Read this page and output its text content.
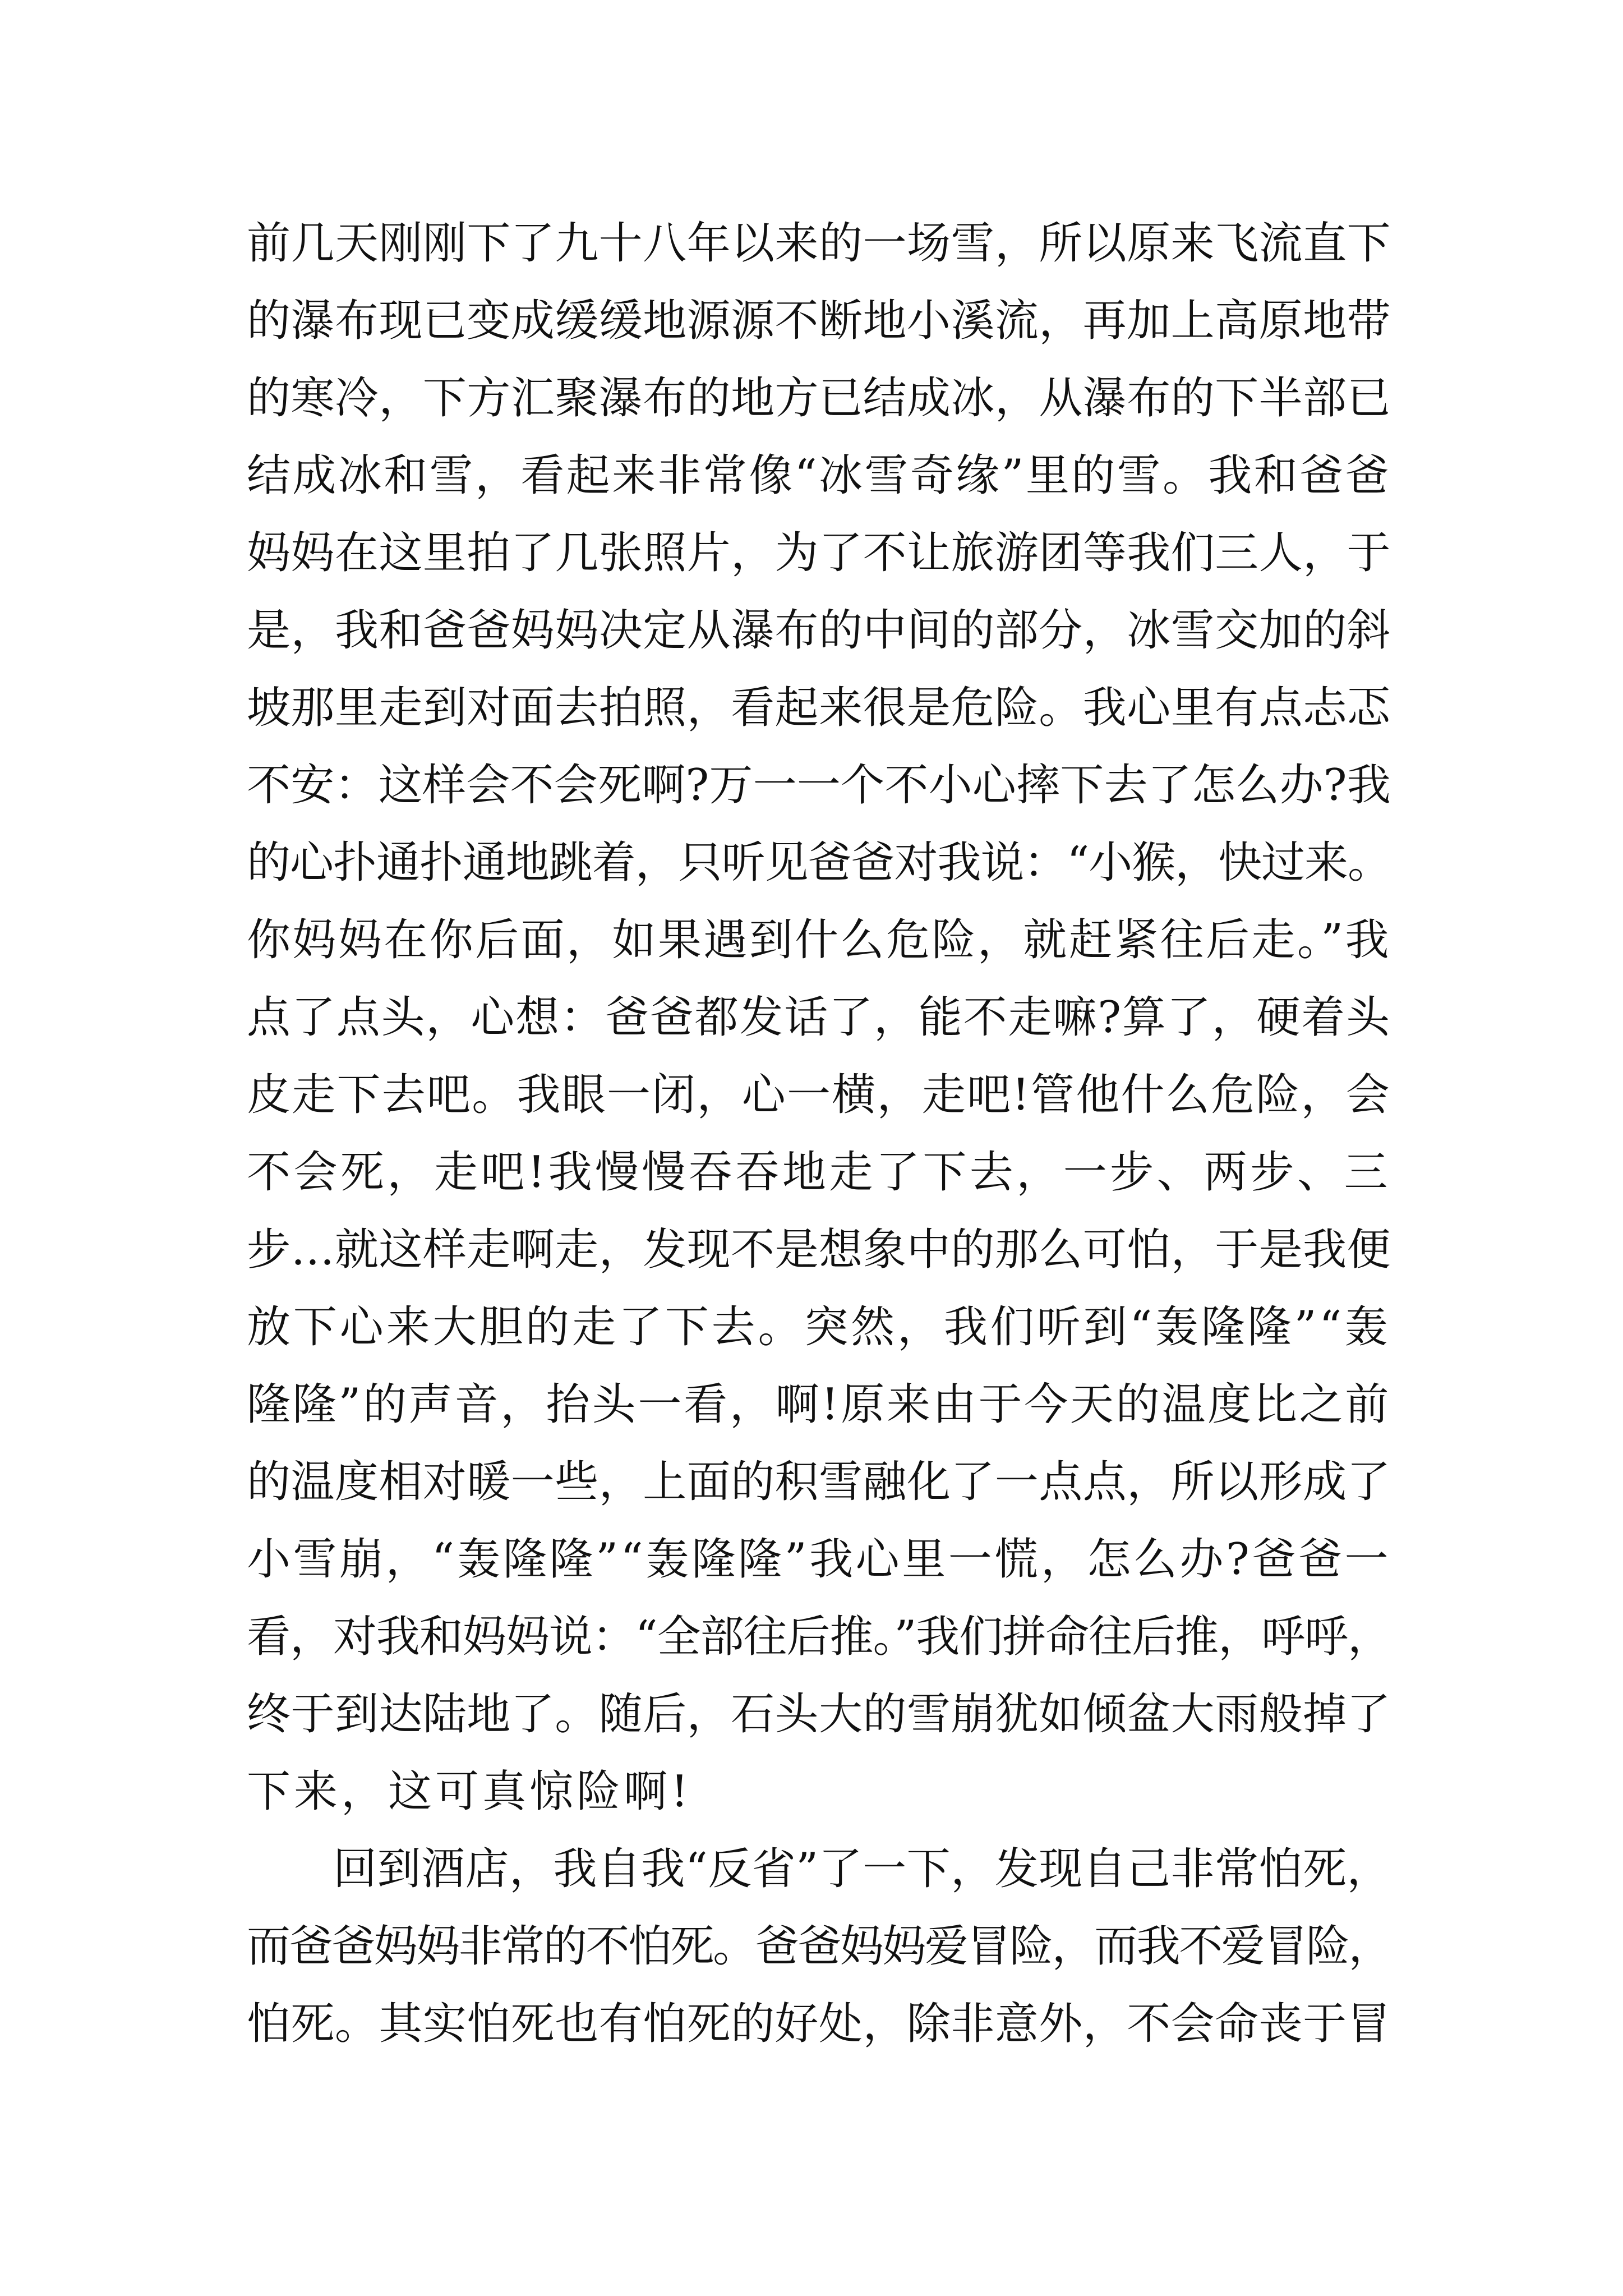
前几天刚刚下了九十八年以来的一场雪，所以原来飞流直下
的瀑布现已变成缓缓地源源不断地小溪流，再加上高原地带
的寒冷，下方汇聚瀑布的地方已结成冰，从瀑布的下半部已
结成冰和雪，看起来非常像“冰雪奇缘”里的雪。我和爸爸
妈妈在这里拍了几张照片，为了不让旅游团等我们三人，于
是，我和爸爸妈妈决定从瀑布的中间的部分，冰雪交加的斜
坡那里走到对面去拍照，看起来很是危险。我心里有点忐忑
不安：这样会不会死啊?万一一个不小心摔下去了怎么办?我
的心扑通扑通地跳着，只听见爸爸对我说：“小猴，快过来。
你妈妈在你后面，如果遇到什么危险，就赶紧往后走。”我
点了点头，心想：爸爸都发话了，能不走嘛?算了，硬着头
皮走下去吧。我眼一闭，心一横，走吧!管他什么危险，会
不会死，走吧!我慢慢吞吞地走了下去，一步、两步、三
步…就这样走啊走，发现不是想象中的那么可怕，于是我便
放下心来大胆的走了下去。突然，我们听到“轰隆隆”“轰
隆隆”的声音，抬头一看，啊!原来由于今天的温度比之前
的温度相对暖一些，上面的积雪融化了一点点，所以形成了
小雪崩，“轰隆隆”“轰隆隆”我心里一慌，怎么办?爸爸一
看，对我和妈妈说：“全部往后推。”我们拼命往后推，呼呼，
终于到达陆地了。随后，石头大的雪崩犹如倾盆大雨般掉了
下来，这可真惊险啊!
回到酒店，我自我“反省”了一下，发现自己非常怕死，
而爸爸妈妈非常的不怕死。爸爸妈妈爱冒险，而我不爱冒险，
怕死。其实怕死也有怕死的好处，除非意外，不会命丧于冒
